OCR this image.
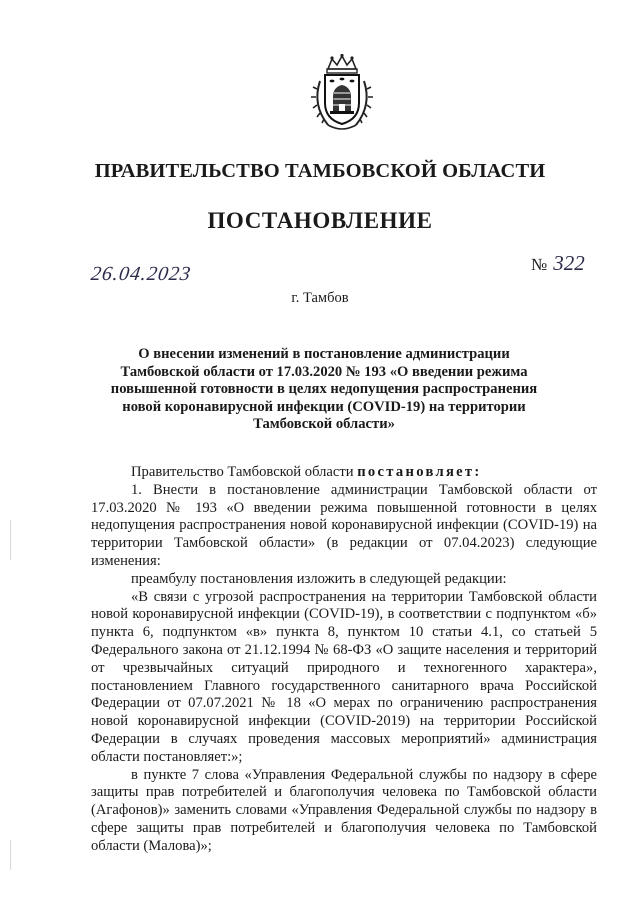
ПРАВИТЕЛЬСТВО ТАМБОВСКОЙ ОБЛАСТИ
ПОСТАНОВЛЕНИЕ
26.04.2023	№ 322
г. Тамбов
О внесении изменений в постановление администрации Тамбовской области от 17.03.2020 № 193 «О введении режима повышенной готовности в целях недопущения распространения новой коронавирусной инфекции (COVID-19) на территории Тамбовской области»

Правительство Тамбовской области постановляет:

1. Внести в постановление администрации Тамбовской области от 17.03.2020 № 193 «О введении режима повышенной готовности в целях недопущения распространения новой коронавирусной инфекции (COVID-19) на территории Тамбовской области» (в редакции от 07.04.2023) следующие изменения:

преамбулу постановления изложить в следующей редакции:

«В связи с угрозой распространения на территории Тамбовской области новой коронавирусной инфекции (COVID-19), в соответствии с подпунктом «б» пункта 6, подпунктом «в» пункта 8, пунктом 10 статьи 4.1, со статьей 5 Федерального закона от 21.12.1994 № 68-ФЗ «О защите населения и территорий от чрезвычайных ситуаций природного и техногенного характера», постановлением Главного государственного санитарного врача Российской Федерации от 07.07.2021 № 18 «О мерах по ограничению распространения новой коронавирусной инфекции (COVID-2019) на территории Российской Федерации в случаях проведения массовых мероприятий» администрация области постановляет:»;

в пункте 7 слова «Управления Федеральной службы по надзору в сфере защиты прав потребителей и благополучия человека по Тамбовской области (Агафонов)» заменить словами «Управления Федеральной службы по надзору в сфере защиты прав потребителей и благополучия человека по Тамбовской области (Малова)»;
